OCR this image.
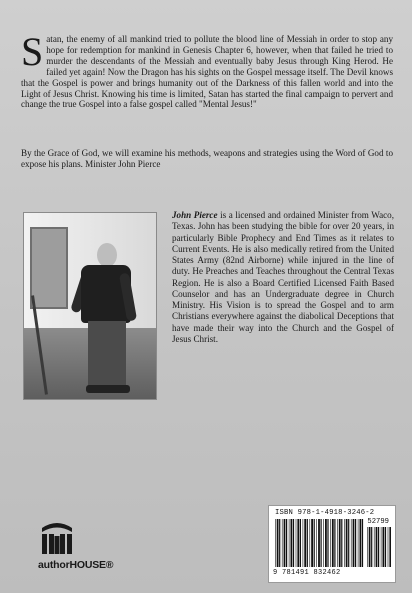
Satan, the enemy of all mankind tried to pollute the blood line of Messiah in order to stop any hope for redemption for mankind in Genesis Chapter 6, however, when that failed he tried to murder the descendants of the Messiah and eventually baby Jesus through King Herod. He failed yet again! Now the Dragon has his sights on the Gospel message itself. The Devil knows that the Gospel is power and brings humanity out of the Darkness of this fallen world and into the Light of Jesus Christ. Knowing his time is limited, Satan has started the final campaign to pervert and change the true Gospel into a false gospel called "Mental Jesus!"
By the Grace of God, we will examine his methods, weapons and strategies using the Word of God to expose his plans. Minister John Pierce
John Pierce is a licensed and ordained Minister from Waco, Texas. John has been studying the bible for over 20 years, in particularly Bible Prophecy and End Times as it relates to Current Events. He is also medically retired from the United States Army (82nd Airborne) while injured in the line of duty. He Preaches and Teaches throughout the Central Texas Region. He is also a Board Certified Licensed Faith Based Counselor and has an Undergraduate degree in Church Ministry. His Vision is to spread the Gospel and to arm Christians everywhere against the diabolical Deceptions that have made their way into the Church and the Gospel of Jesus Christ.
ISBN 978-1-4918-3246-2
52799
9 781491 832462
authorHOUSE®
